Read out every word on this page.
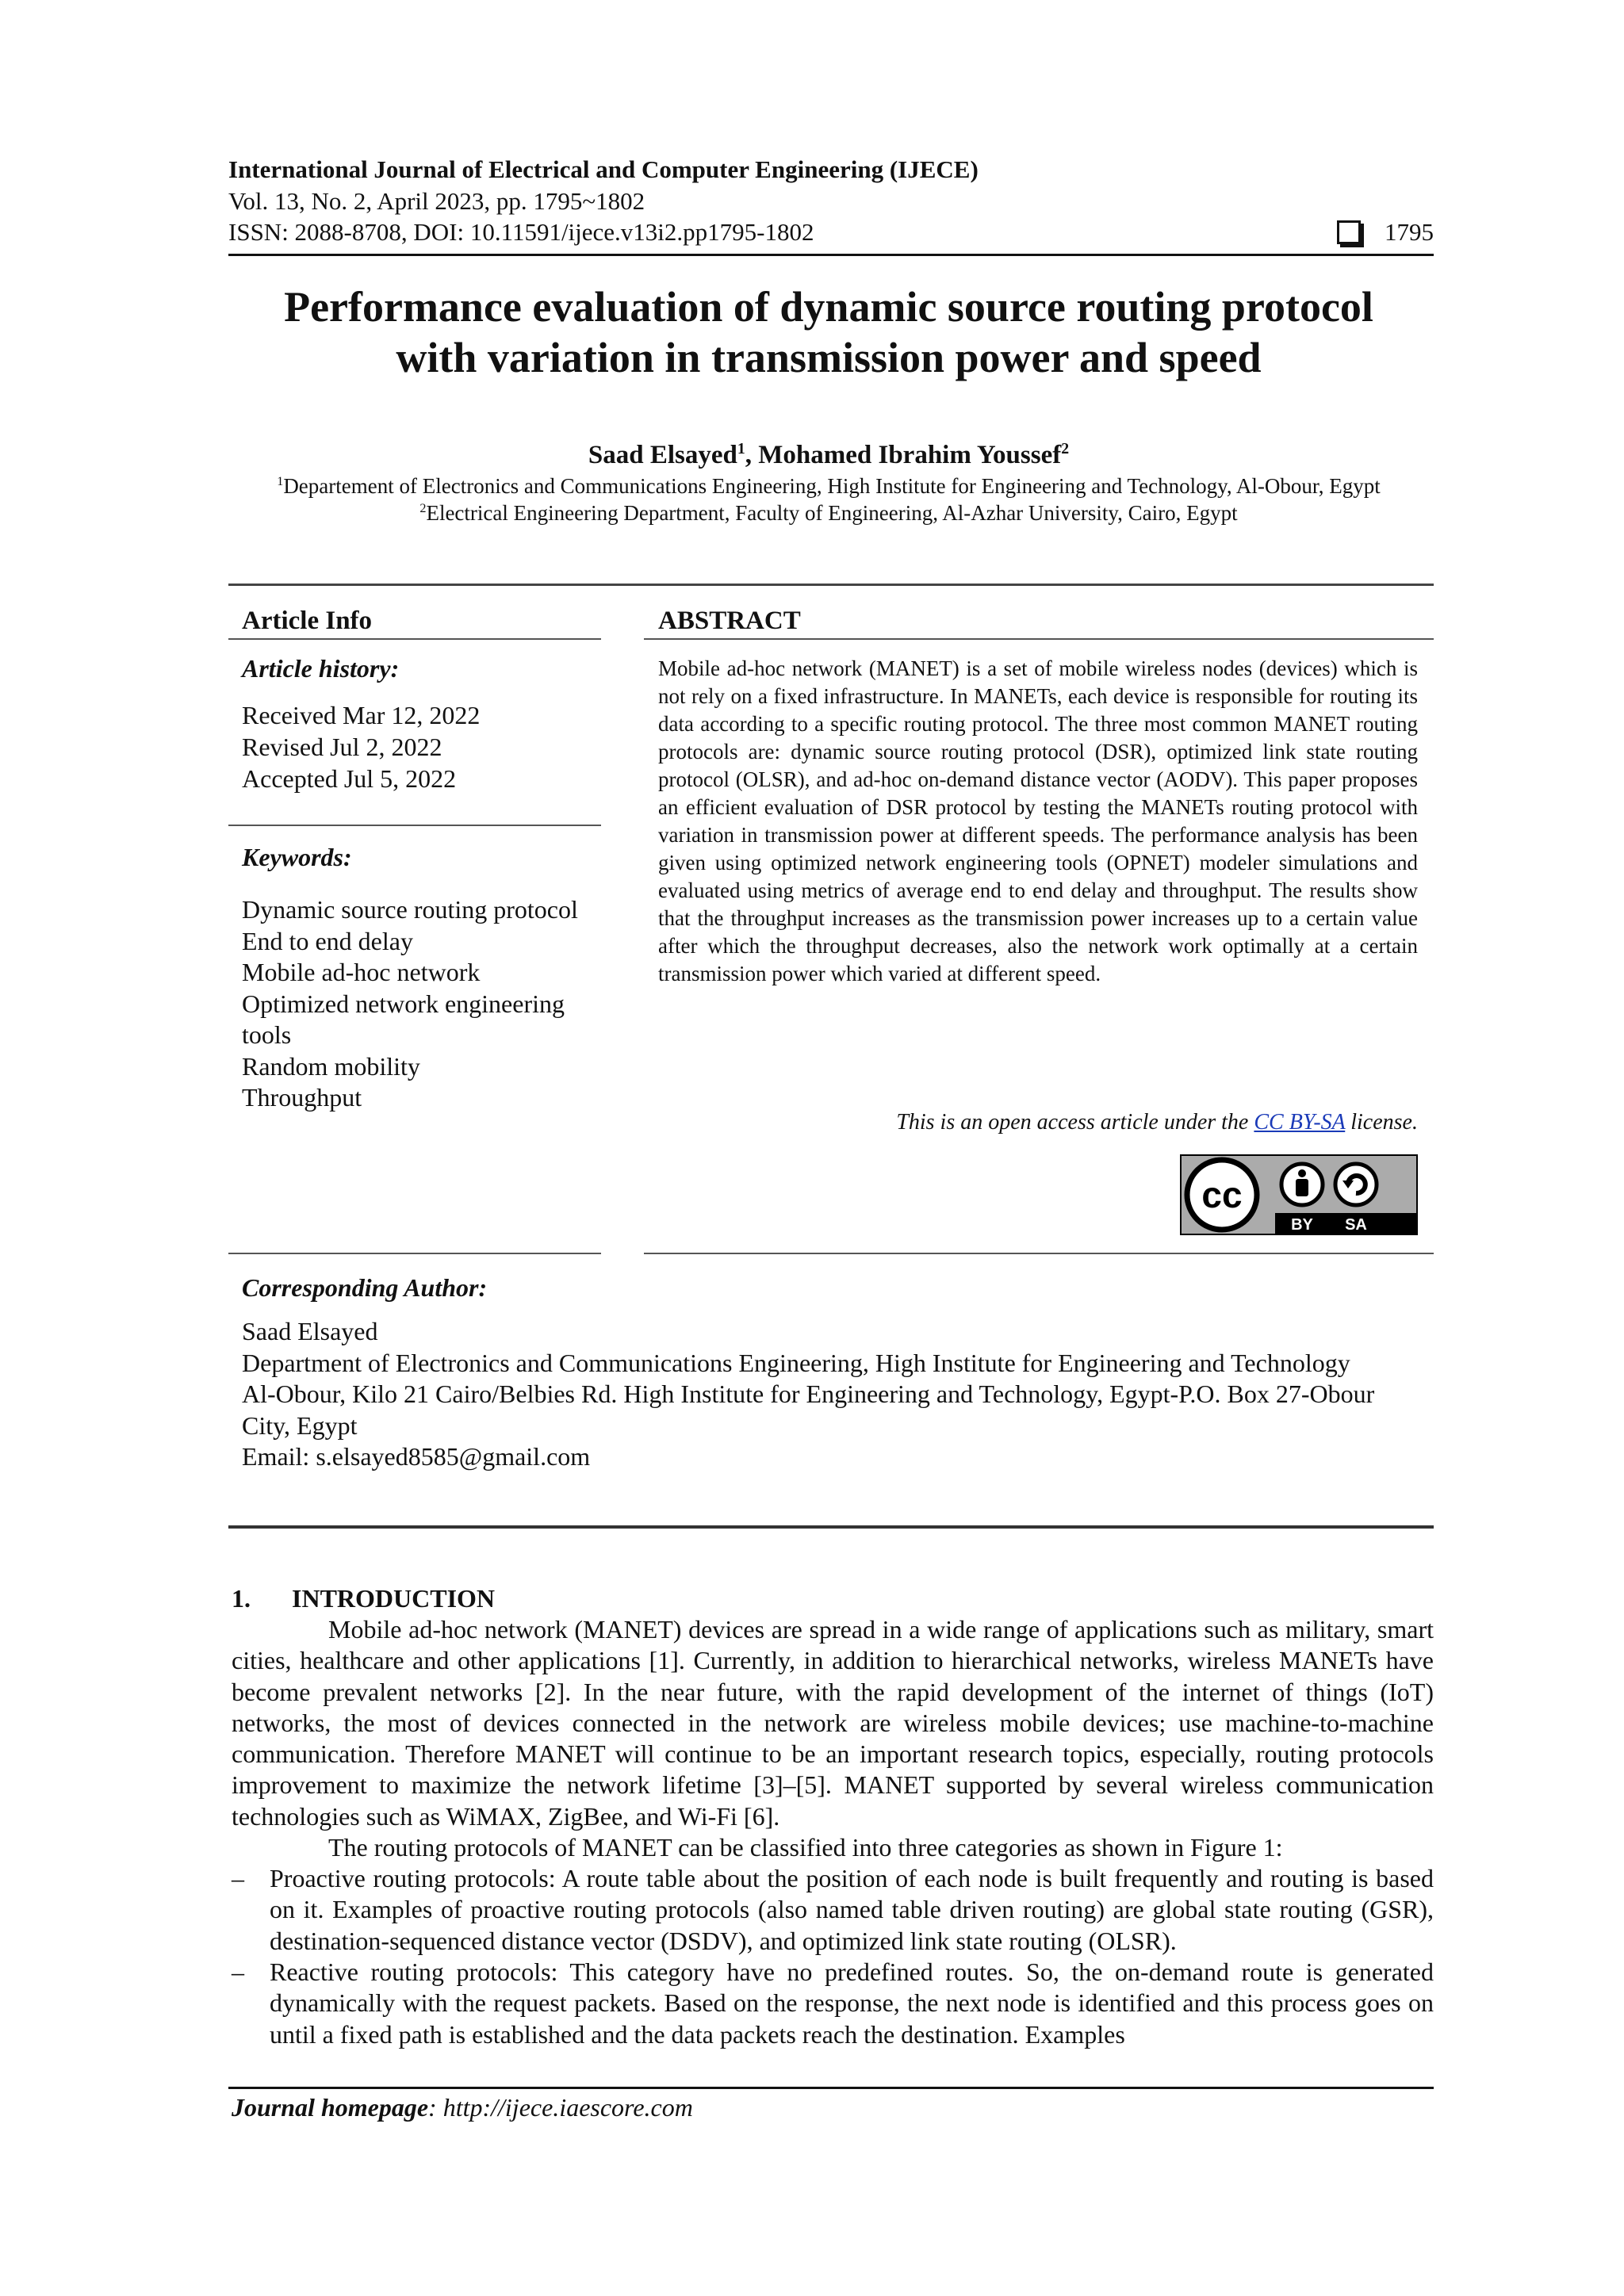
International Journal of Electrical and Computer Engineering (IJECE)
Vol. 13, No. 2, April 2023, pp. 1795~1802
ISSN: 2088-8708, DOI: 10.11591/ijece.v13i2.pp1795-1802	1795
Performance evaluation of dynamic source routing protocol
with variation in transmission power and speed
Saad Elsayed$^1$, Mohamed Ibrahim Youssef$^2$
$^1$Departement of Electronics and Communications Engineering, High Institute for Engineering and Technology, Al-Obour, Egypt
$^2$Electrical Engineering Department, Faculty of Engineering, Al-Azhar University, Cairo, Egypt
Article Info	ABSTRACT
Article history:
Received Mar 12, 2022
Revised Jul 2, 2022
Accepted Jul 5, 2022
Keywords:
Dynamic source routing protocol
End to end delay
Mobile ad-hoc network
Optimized network engineering tools
Random mobility
Throughput
Mobile ad-hoc network (MANET) is a set of mobile wireless nodes (devices) which is not rely on a fixed infrastructure. In MANETs, each device is responsible for routing its data according to a specific routing protocol. The three most common MANET routing protocols are: dynamic source routing protocol (DSR), optimized link state routing protocol (OLSR), and ad-hoc on-demand distance vector (AODV). This paper proposes an efficient evaluation of DSR protocol by testing the MANETs routing protocol with variation in transmission power at different speeds. The performance analysis has been given using optimized network engineering tools (OPNET) modeler simulations and evaluated using metrics of average end to end delay and throughput. The results show that the throughput increases as the transmission power increases up to a certain value after which the throughput decreases, also the network work optimally at a certain transmission power which varied at different speed.
This is an open access article under the CC BY-SA license.
cc
BY SA
Corresponding Author:
Saad Elsayed
Department of Electronics and Communications Engineering, High Institute for Engineering and Technology
Al-Obour, Kilo 21 Cairo/Belbies Rd. High Institute for Engineering and Technology, Egypt-P.O. Box 27-Obour City, Egypt
Email: s.elsayed8585@gmail.com
1. INTRODUCTION
Mobile ad-hoc network (MANET) devices are spread in a wide range of applications such as military, smart cities, healthcare and other applications [1]. Currently, in addition to hierarchical networks, wireless MANETs have become prevalent networks [2]. In the near future, with the rapid development of the internet of things (IoT) networks, the most of devices connected in the network are wireless mobile devices; use machine-to-machine communication. Therefore MANET will continue to be an important research topics, especially, routing protocols improvement to maximize the network lifetime [3]–[5]. MANET supported by several wireless communication technologies such as WiMAX, ZigBee, and Wi-Fi [6].
The routing protocols of MANET can be classified into three categories as shown in Figure 1:
– Proactive routing protocols: A route table about the position of each node is built frequently and routing is based on it. Examples of proactive routing protocols (also named table driven routing) are global state routing (GSR), destination-sequenced distance vector (DSDV), and optimized link state routing (OLSR).
– Reactive routing protocols: This category have no predefined routes. So, the on-demand route is generated dynamically with the request packets. Based on the response, the next node is identified and this process goes on until a fixed path is established and the data packets reach the destination. Examples
Journal homepage: http://ijece.iaescore.com
